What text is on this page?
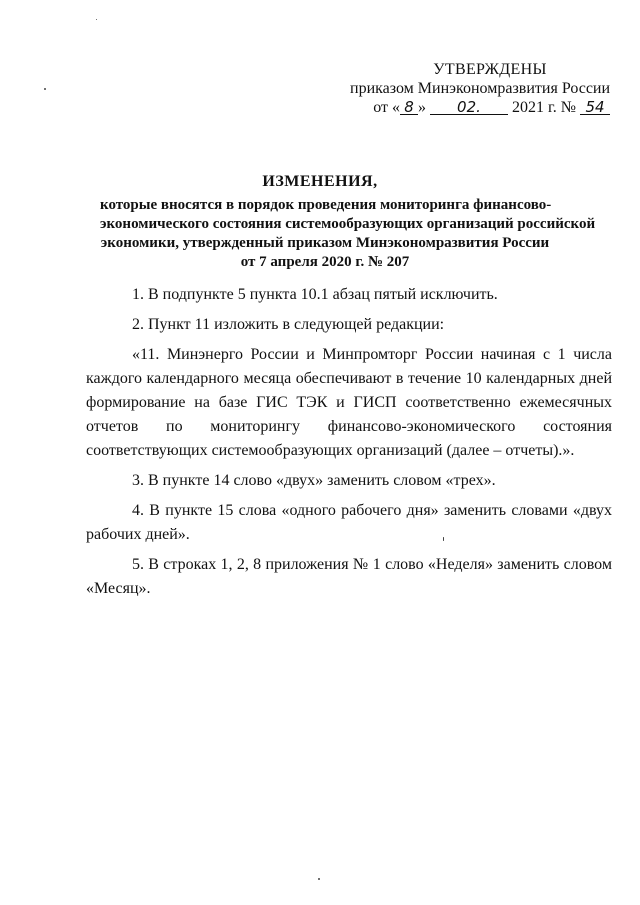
УТВЕРЖДЕНЫ
приказом Минэкономразвития России
от « 8 » 02. 2021 г. № 54
ИЗМЕНЕНИЯ,
которые вносятся в порядок проведения мониторинга финансово-
экономического состояния системообразующих организаций российской
экономики, утвержденный приказом Минэкономразвития России
от 7 апреля 2020 г. № 207

1. В подпункте 5 пункта 10.1 абзац пятый исключить.

2. Пункт 11 изложить в следующей редакции:

«11. Минэнерго России и Минпромторг России начиная с 1 числа каждого календарного месяца обеспечивают в течение 10 календарных дней формирование на базе ГИС ТЭК и ГИСП соответственно ежемесячных отчетов по мониторингу финансово-экономического состояния соответствующих системообразующих организаций (далее – отчеты).».

3. В пункте 14 слово «двух» заменить словом «трех».

4. В пункте 15 слова «одного рабочего дня» заменить словами «двух рабочих дней».

5. В строках 1, 2, 8 приложения № 1 слово «Неделя» заменить словом «Месяц».
